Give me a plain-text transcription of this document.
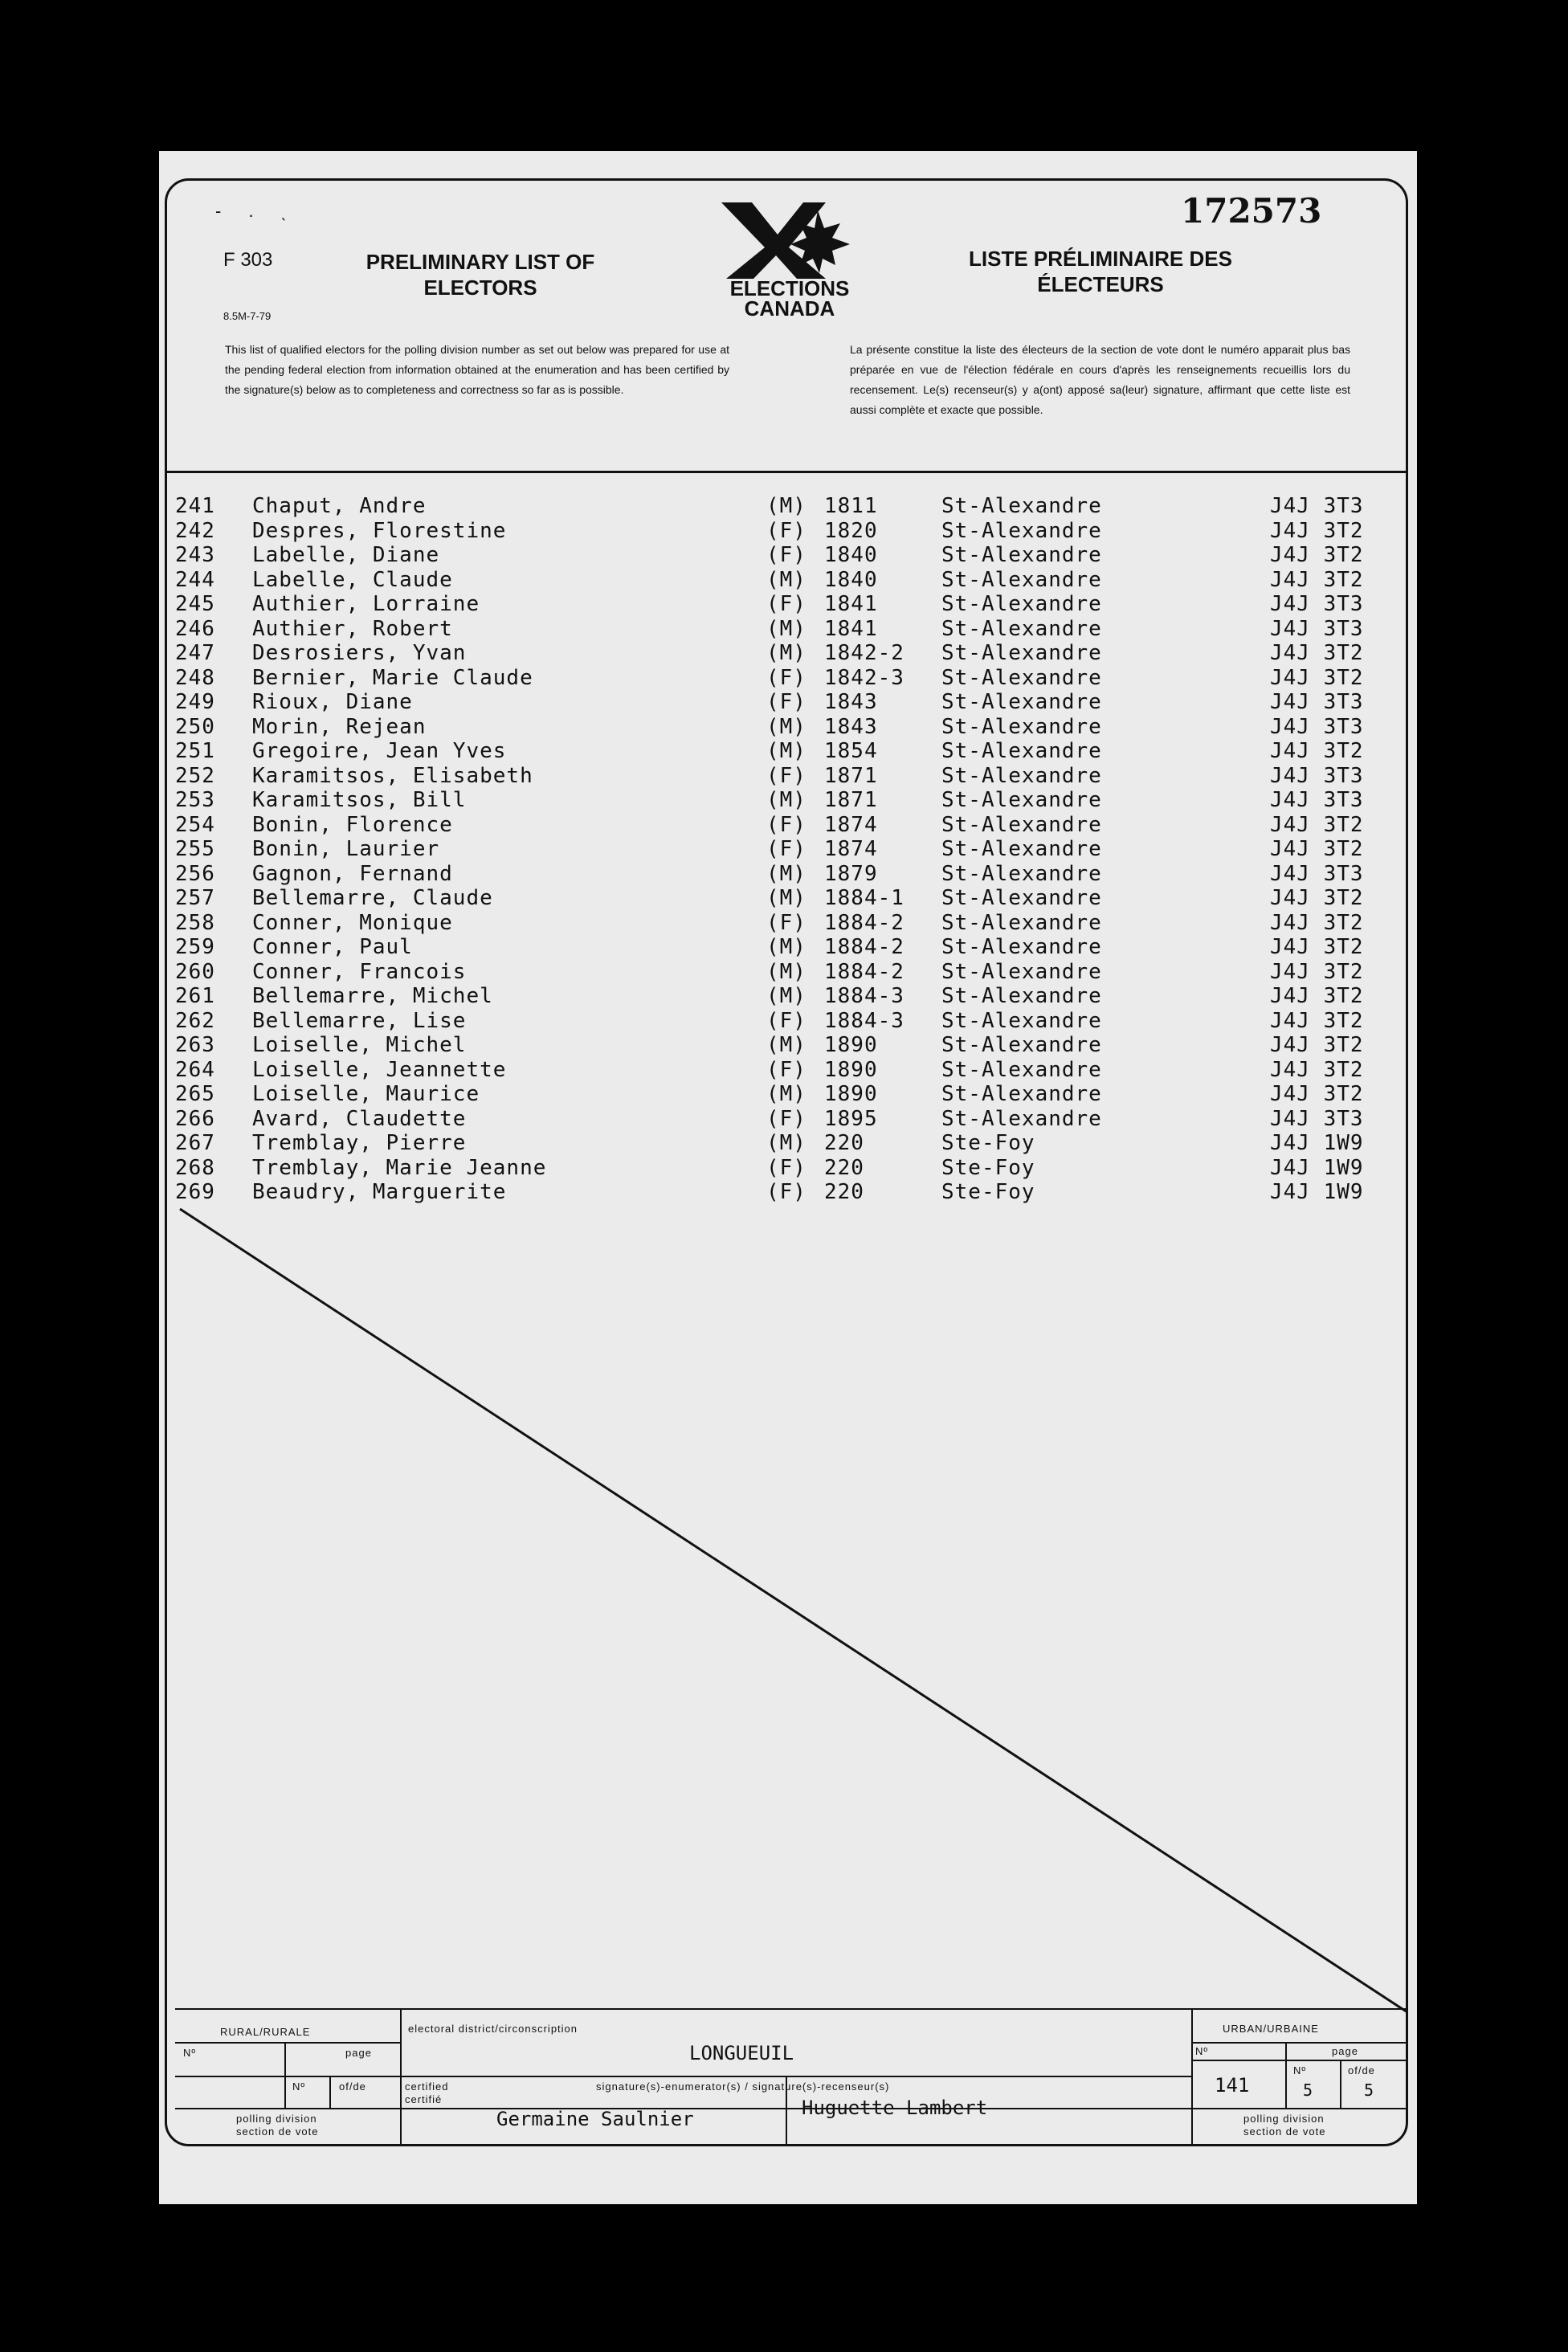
- . ˎ
F 303
8.5M-7-79
172573
PRELIMINARY LIST OF
ELECTORS
LISTE PRÉLIMINAIRE DES
ÉLECTEURS
ELECTIONS
CANADA
This list of qualified electors for the polling division number as set out below was prepared for use at the pending federal election from information obtained at the enumeration and has been certified by the signature(s) below as to completeness and correctness so far as is possible.
La présente constitue la liste des électeurs de la section de vote dont le numéro apparait plus bas préparée en vue de l'élection fédérale en cours d'après les renseignements recueillis lors du recensement. Le(s) recenseur(s) y a(ont) apposé sa(leur) signature, affirmant que cette liste est aussi complète et exacte que possible.
241 Chaput, Andre	(M) 1811	St-Alexandre	J4J 3T3
242 Despres, Florestine	(F) 1820	St-Alexandre	J4J 3T2
243 Labelle, Diane	(F) 1840	St-Alexandre	J4J 3T2
244 Labelle, Claude	(M) 1840	St-Alexandre	J4J 3T2
245 Authier, Lorraine	(F) 1841	St-Alexandre	J4J 3T3
246 Authier, Robert	(M) 1841	St-Alexandre	J4J 3T3
247 Desrosiers, Yvan	(M) 1842-2 St-Alexandre	J4J 3T2
248 Bernier, Marie Claude	(F) 1842-3 St-Alexandre	J4J 3T2
249 Rioux, Diane	(F) 1843	St-Alexandre	J4J 3T3
250 Morin, Rejean	(M) 1843	St-Alexandre	J4J 3T3
251 Gregoire, Jean Yves	(M) 1854	St-Alexandre	J4J 3T2
252 Karamitsos, Elisabeth	(F) 1871	St-Alexandre	J4J 3T3
253 Karamitsos, Bill	(M) 1871	St-Alexandre	J4J 3T3
254 Bonin, Florence	(F) 1874	St-Alexandre	J4J 3T2
255 Bonin, Laurier	(F) 1874	St-Alexandre	J4J 3T2
256 Gagnon, Fernand	(M) 1879	St-Alexandre	J4J 3T3
257 Bellemarre, Claude	(M) 1884-1 St-Alexandre	J4J 3T2
258 Conner, Monique	(F) 1884-2 St-Alexandre	J4J 3T2
259 Conner, Paul	(M) 1884-2 St-Alexandre	J4J 3T2
260 Conner, Francois	(M) 1884-2 St-Alexandre	J4J 3T2
261 Bellemarre, Michel	(M) 1884-3 St-Alexandre	J4J 3T2
262 Bellemarre, Lise	(F) 1884-3 St-Alexandre	J4J 3T2
263 Loiselle, Michel	(M) 1890	St-Alexandre	J4J 3T2
264 Loiselle, Jeannette	(F) 1890	St-Alexandre	J4J 3T2
265 Loiselle, Maurice	(M) 1890	St-Alexandre	J4J 3T2
266 Avard, Claudette	(F) 1895	St-Alexandre	J4J 3T3
267 Tremblay, Pierre	(M) 220	Ste-Foy	J4J 1W9
268 Tremblay, Marie Jeanne	(F) 220	Ste-Foy	J4J 1W9
269 Beaudry, Marguerite	(F) 220	Ste-Foy	J4J 1W9
RURAL/RURALE
Nº	page
Nº	of/de
polling division
section de vote
electoral district/circonscription
LONGUEUIL
certified
certifié
signature(s)-enumerator(s) / signature(s)-recenseur(s)
Germaine Saulnier	Huguette Lambert
URBAN/URBAINE
Nº	page
Nº	of/de
141	5	5
polling division
section de vote
